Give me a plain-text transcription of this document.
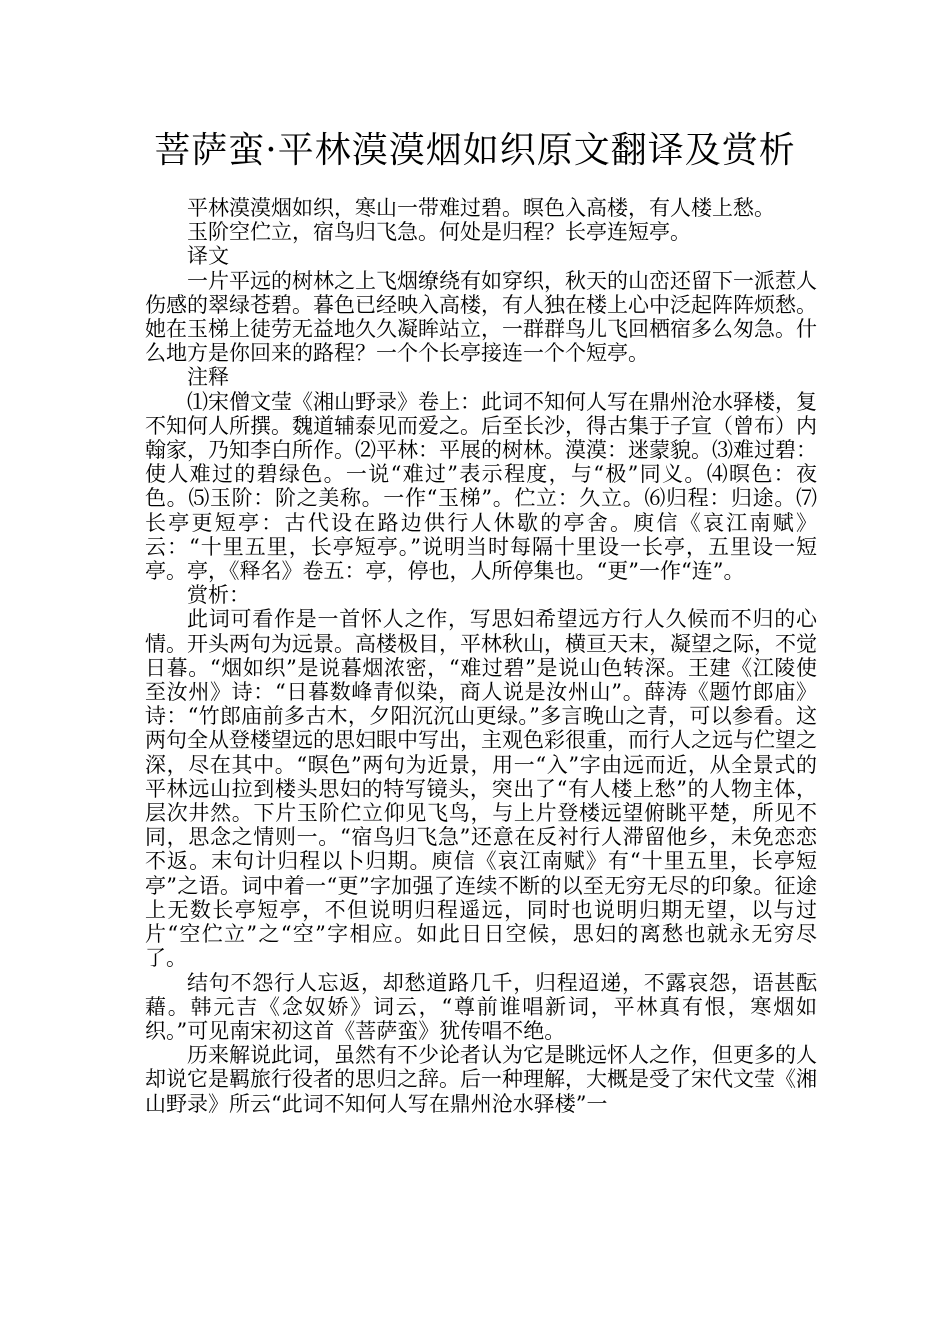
菩萨蛮·平林漠漠烟如织原文翻译及赏析

平林漠漠烟如织，寒山一带难过碧。暝色入高楼，有人楼上愁。

玉阶空伫立，宿鸟归飞急。何处是归程？长亭连短亭。

译文

一片平远的树林之上飞烟缭绕有如穿织，秋天的山峦还留下一派惹人伤感的翠绿苍碧。暮色已经映入高楼，有人独在楼上心中泛起阵阵烦愁。她在玉梯上徒劳无益地久久凝眸站立，一群群鸟儿飞回栖宿多么匆急。什么地方是你回来的路程？一个个长亭接连一个个短亭。

注释

⑴宋僧文莹《湘山野录》卷上：此词不知何人写在鼎州沧水驿楼，复不知何人所撰。魏道辅泰见而爱之。后至长沙，得古集于子宣（曾布）内翰家，乃知李白所作。⑵平林：平展的树林。漠漠：迷蒙貌。⑶难过碧：使人难过的碧绿色。一说“难过”表示程度，与“极”同义。⑷暝色：夜色。⑸玉阶：阶之美称。一作“玉梯”。伫立：久立。⑹归程：归途。⑺长亭更短亭：古代设在路边供行人休歇的亭舍。庾信《哀江南赋》云：“十里五里，长亭短亭。”说明当时每隔十里设一长亭，五里设一短亭。亭，《释名》卷五：亭，停也，人所停集也。“更”一作“连”。

赏析：

此词可看作是一首怀人之作，写思妇希望远方行人久候而不归的心情。开头两句为远景。高楼极目，平林秋山，横亘天末，凝望之际，不觉日暮。“烟如织”是说暮烟浓密，“难过碧”是说山色转深。王建《江陵使至汝州》诗：“日暮数峰青似染，商人说是汝州山”。薛涛《题竹郎庙》诗：“竹郎庙前多古木，夕阳沉沉山更绿。”多言晚山之青，可以参看。这两句全从登楼望远的思妇眼中写出，主观色彩很重，而行人之远与伫望之深，尽在其中。“暝色”两句为近景，用一“入”字由远而近，从全景式的平林远山拉到楼头思妇的特写镜头，突出了“有人楼上愁”的人物主体，层次井然。下片玉阶伫立仰见飞鸟，与上片登楼远望俯眺平楚，所见不同，思念之情则一。“宿鸟归飞急”还意在反衬行人滞留他乡，未免恋恋不返。末句计归程以卜归期。庾信《哀江南赋》有“十里五里，长亭短亭”之语。词中着一“更”字加强了连续不断的以至无穷无尽的印象。征途上无数长亭短亭，不但说明归程遥远，同时也说明归期无望，以与过片“空伫立”之“空”字相应。如此日日空候，思妇的离愁也就永无穷尽了。

结句不怨行人忘返，却愁道路几千，归程迢递，不露哀怨，语甚酝藉。韩元吉《念奴娇》词云，“尊前谁唱新词，平林真有恨，寒烟如织。”可见南宋初这首《菩萨蛮》犹传唱不绝。

历来解说此词，虽然有不少论者认为它是眺远怀人之作，但更多的人却说它是羁旅行役者的思归之辞。后一种理解，大概是受了宋代文莹《湘山野录》所云“此词不知何人写在鼎州沧水驿楼”一
